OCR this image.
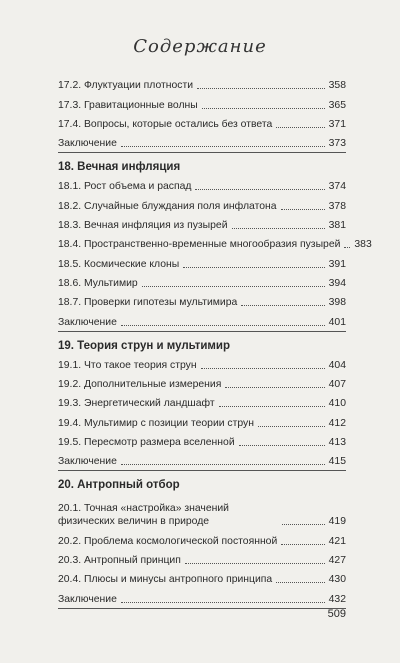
Содержание
17.2. Флуктуации плотности	358
17.3. Гравитационные волны	365
17.4. Вопросы, которые остались без ответа	371
Заключение	373
18. Вечная инфляция
18.1. Рост объема и распад	374
18.2. Случайные блуждания поля инфлатона	378
18.3. Вечная инфляция из пузырей	381
18.4. Пространственно-временные многообразия пузырей 383
18.5. Космические клоны	391
18.6. Мультимир	394
18.7. Проверки гипотезы мультимира	398
Заключение	401
19. Теория струн и мультимир
19.1. Что такое теория струн	404
19.2. Дополнительные измерения	407
19.3. Энергетический ландшафт	410
19.4. Мультимир с позиции теории струн	412
19.5. Пересмотр размера вселенной	413
Заключение	415
20. Антропный отбор
20.1. Точная «настройка» значений физических величин в природе	419
20.2. Проблема космологической постоянной	421
20.3. Антропный принцип	427
20.4. Плюсы и минусы антропного принципа	430
Заключение	432
509
